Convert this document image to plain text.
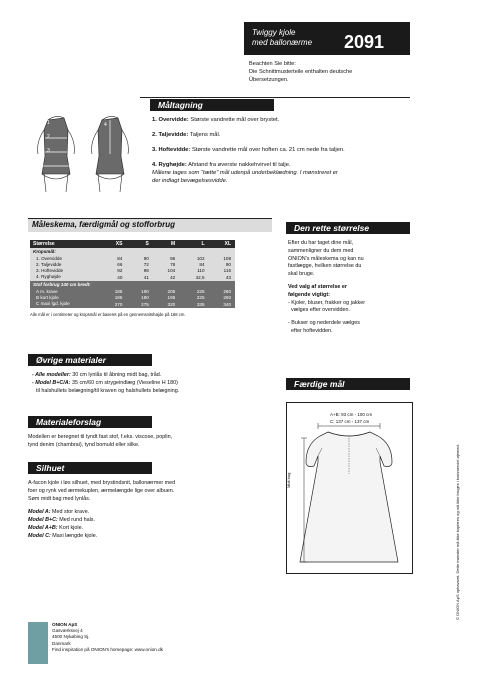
Twiggy kjole
med ballonærme 2091
Beachten Sie bitte:
Die Schnittmusterteile enthalten deutsche
Übersetzungen.
Måltagning
1
2
3
4
1. Overvidde: Største vandrette mål over brystet.
2. Taljevidde: Taljens mål.
3. Hoftevidde: Største vandrette mål over hoften ca. 21 cm nede fra taljen.
4. Ryghøjde: Afstand fra øverste nakkehvirvel til talje.
Målene tages som "tætte" mål udenpå underbeklædning. I mønstreret er
der indlagt bevægelsesvidde.
Måleskema, færdigmål og stofforbrug
Størrelse	XS	S	M	L	XL
Kropsmål:					
1. Overvidde	84	90	96	102	108
2. Taljevidde	66	72	78	84	90
3. Hoftevidde	92	98	104	110	116
4. Ryghøjde	40	41	42	42,5	43
Stof forbrug 140 cm bredt:					
A m. krave	185	190	205	225	260
B kort kjole	185	190	195	225	260
C maxi lgd. kjole	270	275	320	335	340
Alle mål er i centimeter og kropsmål er baseret på en gennemsnitshøjde på 168 cm.
Øvrige materialer
- Alle modeller: 30 cm lynlås til åbning midt bag, tråd.
- Model B+C/A: 35 cm/60 cm strygeindlæg (Vieseline H 180)
til halshullets belægning/til kraven og halshullets belægning.
Materialeforslag
Modellen er beregnet til tyndt fast stof, f.eks. viscose, poplin,
tynd denim (chambrai), tynd bomuld eller silke.
Silhuet
A-facon kjole i løs silhuet, med brystindsnit, ballonærmer med
foer og rynk ved ærmekuplen, ærmelængde lige over albuen.
Søm midt bag med lynlås.
Model A: Med stor krave.
Model B+C: Med rund hals.
Model A+B: Kort kjole.
Model C: Maxi længde kjole.
Den rette størrelse
Efter du har taget dine mål,
sammenligner du dem med
ONION's måleskema og kan nu
fastlægge, hvilken størrelse du
skal bruge.
Ved valg af størrelse er
følgende vigtigt:
- Kjoler, bluser, frakker og jakker
vælges efter overvidden.
- Bukser og nederdele vælges
efter hoftevidden.
Færdige mål
A+B: 93 cm - 100 cm
C: 137 cm - 137 cm
Midt bag
ONION ApS
Gasværksvej 4
4500 Nykøbing Sj.
Danmark
Find inspiration på ONION's homepage: www.onion.dk
© ONION ApS ophavsret. Dette mønster må ikke kopieres og må ikke bruges i kommerciel øjemed.
